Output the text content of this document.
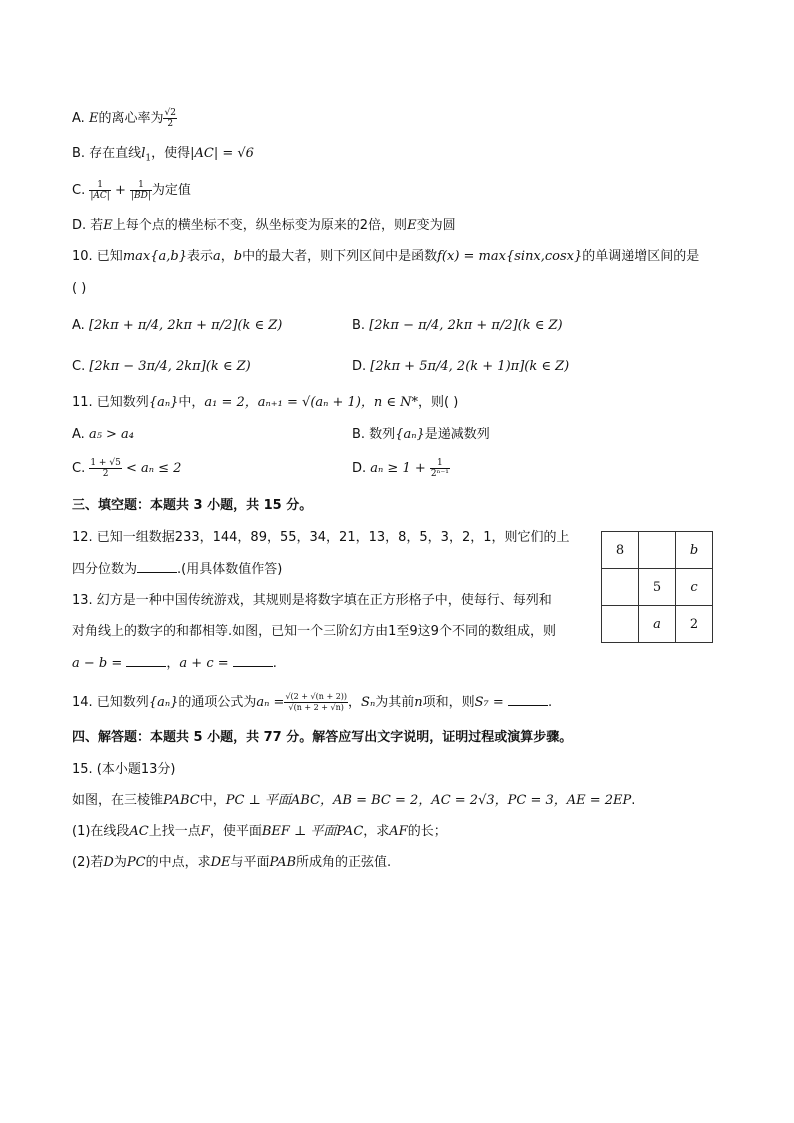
A. E的离心率为 $\frac{√2}{2}$
B. 存在直线$l_1$，使得|AC| = √6
C. $\frac{1}{|AC|} + \frac{1}{|BD|}$ 为定值
D. 若E上每个点的横坐标不变，纵坐标变为原来的2倍，则E变为圆
10. 已知max{a,b}表示a，b中的最大者，则下列区间中是函数f(x) = max{sinx,cosx}的单调递增区间的是
( )
A. [2kπ + π/4, 2kπ + π/2](k ∈ Z)	B. [2kπ − π/4, 2kπ + π/2](k ∈ Z)
C. [2kπ − 3π/4, 2kπ](k ∈ Z)	D. [2kπ + 5π/4, 2(k + 1)π](k ∈ Z)
11. 已知数列{aₙ}中，a₁ = 2，aₙ₊₁ = √(aₙ + 1)，n ∈ N*，则( )
A. a₅ > a₄	B. 数列{aₙ}是递减数列
C. $\frac{1 + √5}{2} < a_n \le 2$	D. $a_n \ge 1 + \frac{1}{\text{2ⁿ⁻¹}}$
三、填空题：本题共 3 小题，共 15 分。
12. 已知一组数据233，144，89，55，34，21，13，8，5，3，2，1，则它们的上
四分位数为	.(用具体数值作答)
13. 幻方是一种中国传统游戏，其规则是将数字填在正方形格子中，使每行、每列和
对角线上的数字的和都相等.如图，已知一个三阶幻方由1至9这9个不同的数组成，则
a − b =	，a + c =	.
8		b
	5	c
	a	2
14. 已知数列{aₙ}的通项公式为$a_n = \frac{√(2 + √(n + 2))}{√(n + 2 + √n)}$ ，Sₙ为其前n项和，则S₇ =	.
四、解答题：本题共 5 小题，共 77 分。解答应写出文字说明，证明过程或演算步骤。
15. (本小题13分)
如图，在三棱锥PABC中，PC ⊥ 平面ABC，AB = BC = 2，AC = 2√3，PC = 3，AE = 2EP.
(1)在线段AC上找一点F，使平面BEF ⊥ 平面PAC，求AF的长；
(2)若D为PC的中点，求DE与平面PAB所成角的正弦值.
